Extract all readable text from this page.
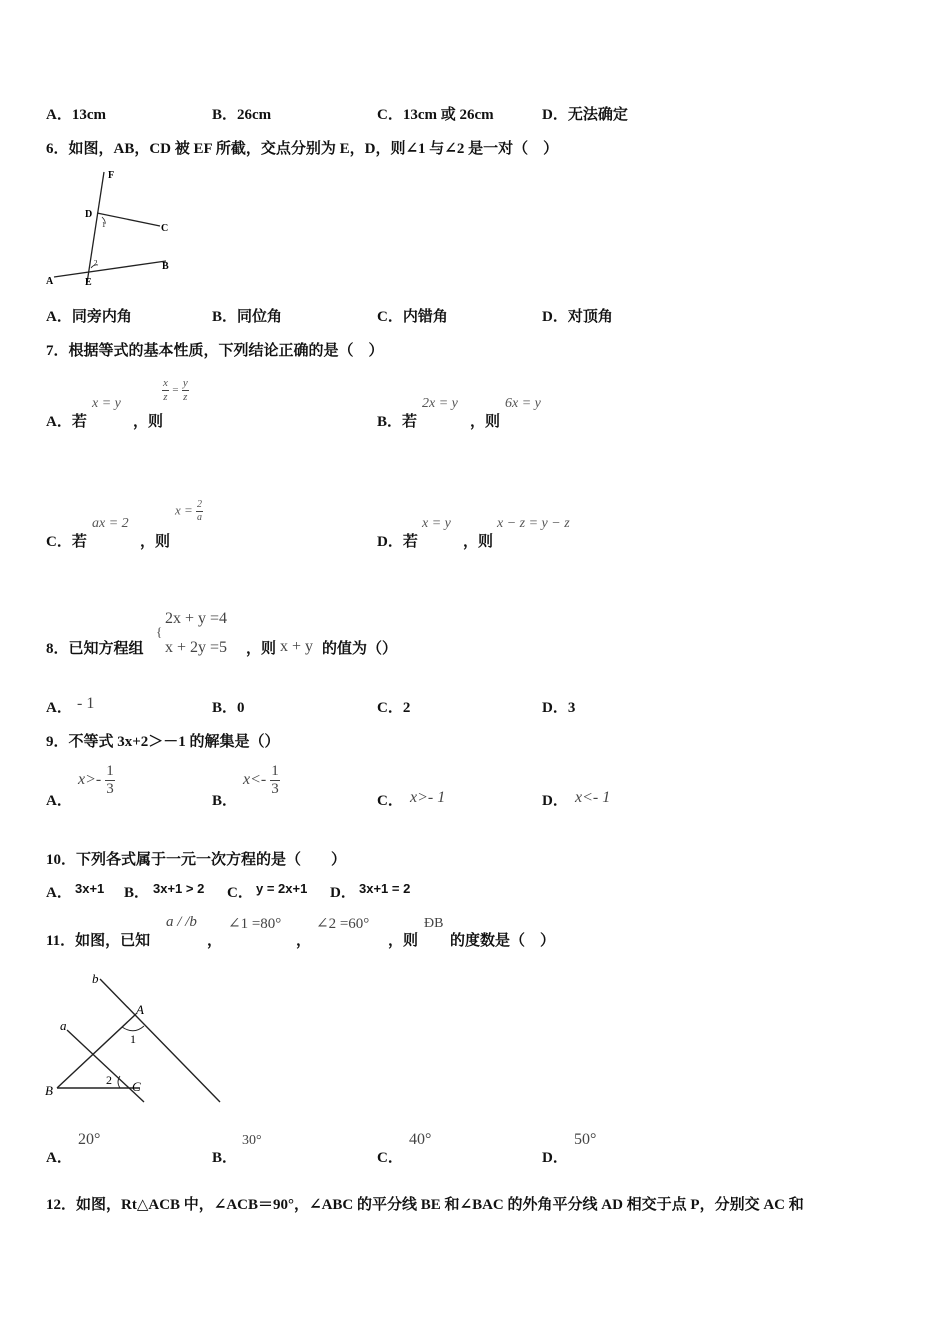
A．13cm	B．26cm	C．13cm 或 26cm	D．无法确定
6．如图，AB，CD 被 EF 所截，交点分别为 E，D，则∠1 与∠2 是一对（　）
F
D
C
1
2
A	E
B
A．同旁内角	B．同位角	C．内错角	D．对顶角
7．根据等式的基本性质，下列结论正确的是（　）
A．若
x = y
，则
$\frac{x}{z} = \frac{y}{z}$
B．若
2x = y
，则
6x = y
C．若
ax = 2
，则
$x = \frac{2}{a}$
D．若
x = y
，则
x − z = y − z
8．已知方程组
{
2x + y =4
x + 2y =5 ，则 x + y 的值为（）
A． - 1	B．0	C．2	D．3
9．不等式 3x+2＞－1 的解集是（）
A．
$x>- \frac{1}{3}$
B．
$x<- \frac{1}{3}$
C． x>- 1	D． x<- 1
10．下列各式属于一元一次方程的是（　　）
A． 3x+1 B． 3x+1 > 2 C． y = 2x+1 D． 3x+1 = 2
11．如图，已知
a / /b
，
∠1 =80°
，
∠2 =60°
，则
ÐB
的度数是（　）
b
A
a
1
B
2 C
A．
20°
B．
30°
C．
40°
D．
50°
12．如图，Rt△ACB 中，∠ACB＝90°，∠ABC 的平分线 BE 和∠BAC 的外角平分线 AD 相交于点 P，分别交 AC 和
